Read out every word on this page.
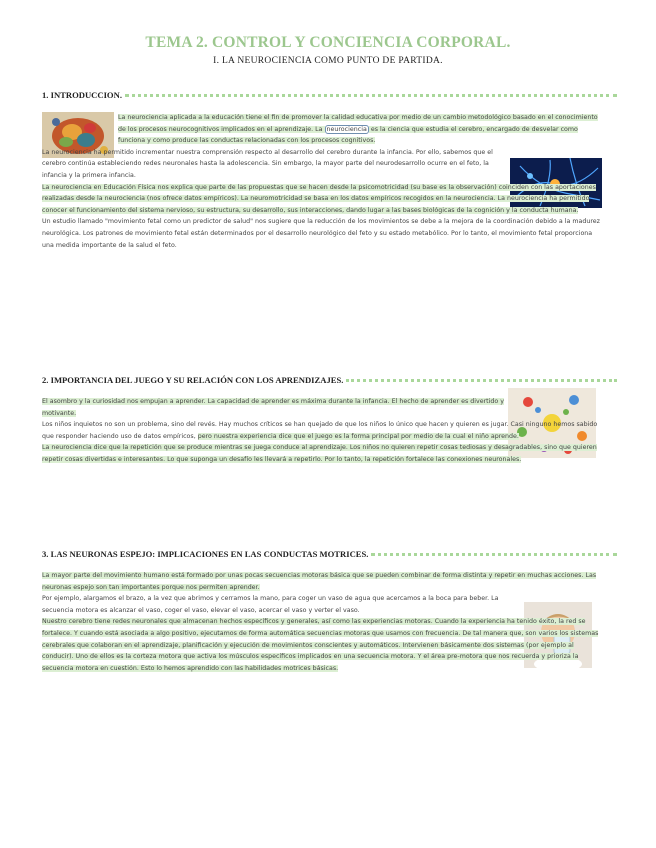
TEMA 2. CONTROL Y CONCIENCIA CORPORAL.
I. LA NEUROCIENCIA COMO PUNTO DE PARTIDA.
1. INTRODUCCION.

La neurociencia aplicada a la educación tiene el fin de promover la calidad educativa por medio de un cambio metodológico basado en el conocimiento de los procesos neurocognitivos implicados en el aprendizaje. La neurociencia es la ciencia que estudia el cerebro, encargado de desvelar como funciona y como produce las conductas relacionadas con los procesos cognitivos.

La neurociencia ha permitido incrementar nuestra comprensión respecto al desarrollo del cerebro durante la infancia. Por ello, sabemos que el cerebro continúa estableciendo redes neuronales hasta la adolescencia. Sin embargo, la mayor parte del neurodesarrollo ocurre en el feto, la infancia y la primera infancia.

La neurociencia en Educación Física nos explica que parte de las propuestas que se hacen desde la psicomotricidad (su base es la observación) coinciden con las aportaciones realizadas desde la neurociencia (nos ofrece datos empíricos). La neuromotricidad se basa en los datos empíricos recogidos en la neurociencia. La neurociencia ha permitido conocer el funcionamiento del sistema nervioso, su estructura, su desarrollo, sus interacciones, dando lugar a las bases biológicas de la cognición y la conducta humana.

Un estudio llamado "movimiento fetal como un predictor de salud" nos sugiere que la reducción de los movimientos se debe a la mejora de la coordinación debido a la madurez neurológica. Los patrones de movimiento fetal están determinados por el desarrollo neurológico del feto y su estado metabólico. Por lo tanto, el movimiento fetal proporciona una medida importante de la salud el feto.

2. IMPORTANCIA DEL JUEGO Y SU RELACIÓN CON LOS APRENDIZAJES.

El asombro y la curiosidad nos empujan a aprender. La capacidad de aprender es máxima durante la infancia. El hecho de aprender es divertido y motivante.

Los niños inquietos no son un problema, sino del revés. Hay muchos críticos se han quejado de que los niños lo único que hacen y quieren es jugar. Casi ninguno hemos sabido que responder haciendo uso de datos empíricos, pero nuestra experiencia dice que el juego es la forma principal por medio de la cual el niño aprende.

La neurociencia dice que la repetición que se produce mientras se juega conduce al aprendizaje. Los niños no quieren repetir cosas tediosas y desagradables, sino que quieren repetir cosas divertidas e interesantes. Lo que suponga un desafío les llevará a repetirlo. Por lo tanto, la repetición fortalece las conexiones neuronales.

3. LAS NEURONAS ESPEJO: IMPLICACIONES EN LAS CONDUCTAS MOTRICES.

La mayor parte del movimiento humano está formado por unas pocas secuencias motoras básica que se pueden combinar de forma distinta y repetir en muchas acciones. Las neuronas espejo son tan importantes porque nos permiten aprender.

Por ejemplo, alargamos el brazo, a la vez que abrimos y cerramos la mano, para coger un vaso de agua que acercamos a la boca para beber. La secuencia motora es alcanzar el vaso, coger el vaso, elevar el vaso, acercar el vaso y verter el vaso.

Nuestro cerebro tiene redes neuronales que almacenan hechos específicos y generales, así como las experiencias motoras. Cuando la experiencia ha tenido éxito, la red se fortalece. Y cuando está asociada a algo positivo, ejecutamos de forma automática secuencias motoras que usamos con frecuencia. De tal manera que, son varios los sistemas cerebrales que colaboran en el aprendizaje, planificación y ejecución de movimientos conscientes y automáticos. Intervienen básicamente dos sistemas (por ejemplo al conducir). Uno de ellos es la corteza motora que activa los músculos específicos implicados en una secuencia motora. Y el área pre-motora que nos recuerda y prioriza la secuencia motora en cuestión. Esto lo hemos aprendido con las habilidades motrices básicas.
